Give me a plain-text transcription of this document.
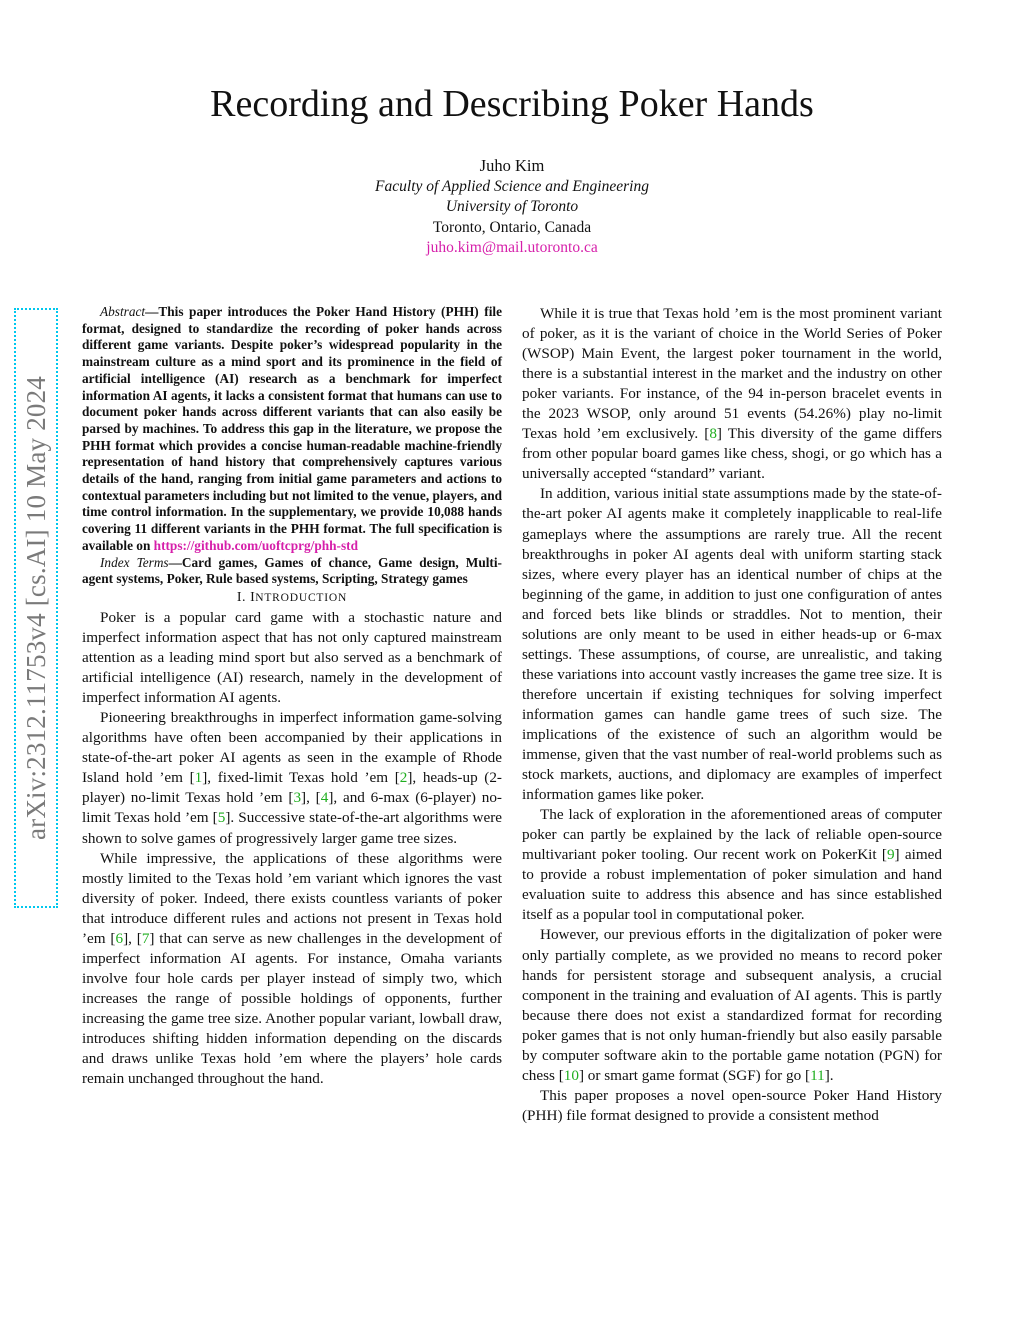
arXiv:2312.11753v4 [cs.AI] 10 May 2024
Recording and Describing Poker Hands
Juho Kim
Faculty of Applied Science and Engineering
University of Toronto
Toronto, Ontario, Canada
juho.kim@mail.utoronto.ca

Abstract—This paper introduces the Poker Hand History (PHH) file format, designed to standardize the recording of poker hands across different game variants. Despite poker’s widespread popularity in the mainstream culture as a mind sport and its prominence in the field of artificial intelligence (AI) research as a benchmark for imperfect information AI agents, it lacks a consistent format that humans can use to document poker hands across different variants that can also easily be parsed by machines. To address this gap in the literature, we propose the PHH format which provides a concise human-readable machine-friendly representation of hand history that comprehensively captures various details of the hand, ranging from initial game parameters and actions to contextual parameters including but not limited to the venue, players, and time control information. In the supplementary, we provide 10,088 hands covering 11 different variants in the PHH format. The full specification is available on https://github.com/uoftcprg/phh-std

Index Terms—Card games, Games of chance, Game design, Multi-agent systems, Poker, Rule based systems, Scripting, Strategy games

I. INTRODUCTION

Poker is a popular card game with a stochastic nature and imperfect information aspect that has not only captured mainstream attention as a leading mind sport but also served as a benchmark of artificial intelligence (AI) research, namely in the development of imperfect information AI agents.

Pioneering breakthroughs in imperfect information game-solving algorithms have often been accompanied by their applications in state-of-the-art poker AI agents as seen in the example of Rhode Island hold ’em [1], fixed-limit Texas hold ’em [2], heads-up (2-player) no-limit Texas hold ’em [3], [4], and 6-max (6-player) no-limit Texas hold ’em [5]. Successive state-of-the-art algorithms were shown to solve games of progressively larger game tree sizes.

While impressive, the applications of these algorithms were mostly limited to the Texas hold ’em variant which ignores the vast diversity of poker. Indeed, there exists countless variants of poker that introduce different rules and actions not present in Texas hold ’em [6], [7] that can serve as new challenges in the development of imperfect information AI agents. For instance, Omaha variants involve four hole cards per player instead of simply two, which increases the range of possible holdings of opponents, further increasing the game tree size. Another popular variant, lowball draw, introduces shifting hidden information depending on the discards and draws unlike Texas hold ’em where the players’ hole cards remain unchanged throughout the hand.

While it is true that Texas hold ’em is the most prominent variant of poker, as it is the variant of choice in the World Series of Poker (WSOP) Main Event, the largest poker tournament in the world, there is a substantial interest in the market and the industry on other poker variants. For instance, of the 94 in-person bracelet events in the 2023 WSOP, only around 51 events (54.26%) play no-limit Texas hold ’em exclusively. [8] This diversity of the game differs from other popular board games like chess, shogi, or go which has a universally accepted “standard” variant.

In addition, various initial state assumptions made by the state-of-the-art poker AI agents make it completely inapplicable to real-life gameplays where the assumptions are rarely true. All the recent breakthroughs in poker AI agents deal with uniform starting stack sizes, where every player has an identical number of chips at the beginning of the game, in addition to just one configuration of antes and forced bets like blinds or straddles. Not to mention, their solutions are only meant to be used in either heads-up or 6-max settings. These assumptions, of course, are unrealistic, and taking these variations into account vastly increases the game tree size. It is therefore uncertain if existing techniques for solving imperfect information games can handle game trees of such size. The implications of the existence of such an algorithm would be immense, given that the vast number of real-world problems such as stock markets, auctions, and diplomacy are examples of imperfect information games like poker.

The lack of exploration in the aforementioned areas of computer poker can partly be explained by the lack of reliable open-source multivariant poker tooling. Our recent work on PokerKit [9] aimed to provide a robust implementation of poker simulation and hand evaluation suite to address this absence and has since established itself as a popular tool in computational poker.

However, our previous efforts in the digitalization of poker were only partially complete, as we provided no means to record poker hands for persistent storage and subsequent analysis, a crucial component in the training and evaluation of AI agents. This is partly because there does not exist a standardized format for recording poker games that is not only human-friendly but also easily parsable by computer software akin to the portable game notation (PGN) for chess [10] or smart game format (SGF) for go [11].

This paper proposes a novel open-source Poker Hand History (PHH) file format designed to provide a consistent method
